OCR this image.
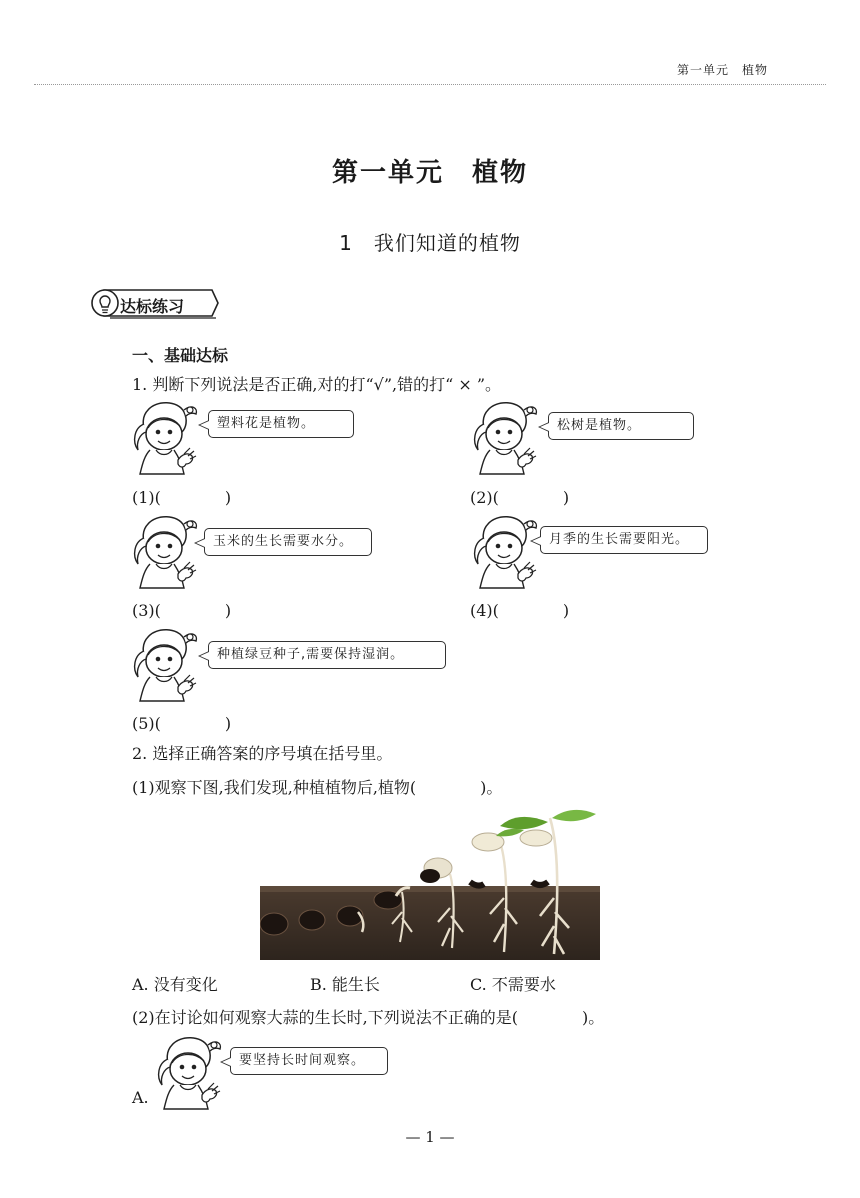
第一单元　植物
第一单元　植物
1　我们知道的植物
达标练习
一、基础达标
1. 判断下列说法是否正确,对的打“√”,错的打“ × ”。
塑料花是植物。
(1)(　　　　)
松树是植物。
(2)(　　　　)
玉米的生长需要水分。
(3)(　　　　)
月季的生长需要阳光。
(4)(　　　　)
种植绿豆种子,需要保持湿润。
(5)(　　　　)
2. 选择正确答案的序号填在括号里。
(1)观察下图,我们发现,种植植物后,植物(　　　　)。
A. 没有变化	B. 能生长	C. 不需要水
(2)在讨论如何观察大蒜的生长时,下列说法不正确的是(　　　　)。
A.
要坚持长时间观察。
— 1 —
